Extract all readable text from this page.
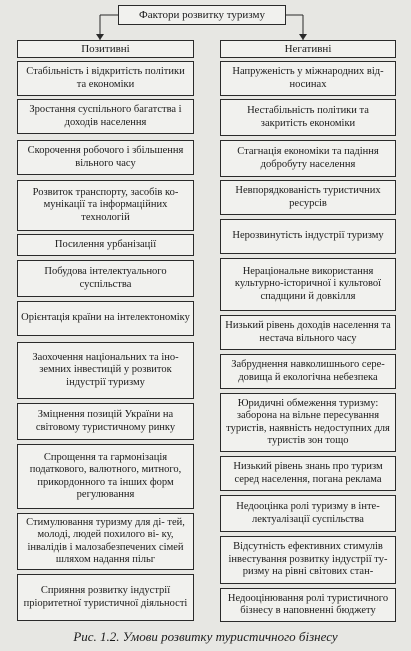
Фактори розвитку туризму
Позитивні	Негативні
Стабільність і відкритість політики та економіки
Зростання суспільного багатства і доходів населення
Скорочення робочого і збільшення вільного часу
Розвиток транспорту, засобів ко- мунікації та інформаційних технологій
Посилення урбанізації
Побудова інтелектуального суспільства
Орієнтація країни на інтелектономіку
Заохочення національних та іно- земних інвестицій у розвиток індустрії туризму
Зміцнення позицій України на світовому туристичному ринку
Спрощення та гармонізація податкового, валютного, митного, прикордонного та інших форм регулювання
Стимулювання туризму для ді- тей, молоді, людей похилого ві- ку, інвалідів і малозабезпечених сімей шляхом надання пільг
Сприяння розвитку індустрії пріоритетної туристичної діяльності
Напруженість у міжнародних від- носинах
Нестабільність політики та закритість економіки
Стагнація економіки та падіння добробуту населення
Невпорядкованість туристичних ресурсів
Нерозвинутість індустрії туризму
Нераціональне використання культурно-історичної і культової спадщини й довкілля
Низький рівень доходів населення та нестача вільного часу
Забруднення навколишнього сере- довища й екологічна небезпека
Юридичні обмеження туризму: заборона на вільне пересування туристів, наявність недоступних для туристів зон тощо
Низький рівень знань про туризм серед населення, погана реклама
Недооцінка ролі туризму в інте- лектуалізації суспільства
Відсутність ефективних стимулів інвестування розвитку індустрії ту- ризму на рівні світових стан-
Недооцінювання ролі туристичного бізнесу в наповненні бюджету
Рис. 1.2. Умови розвитку туристичного бізнесу
